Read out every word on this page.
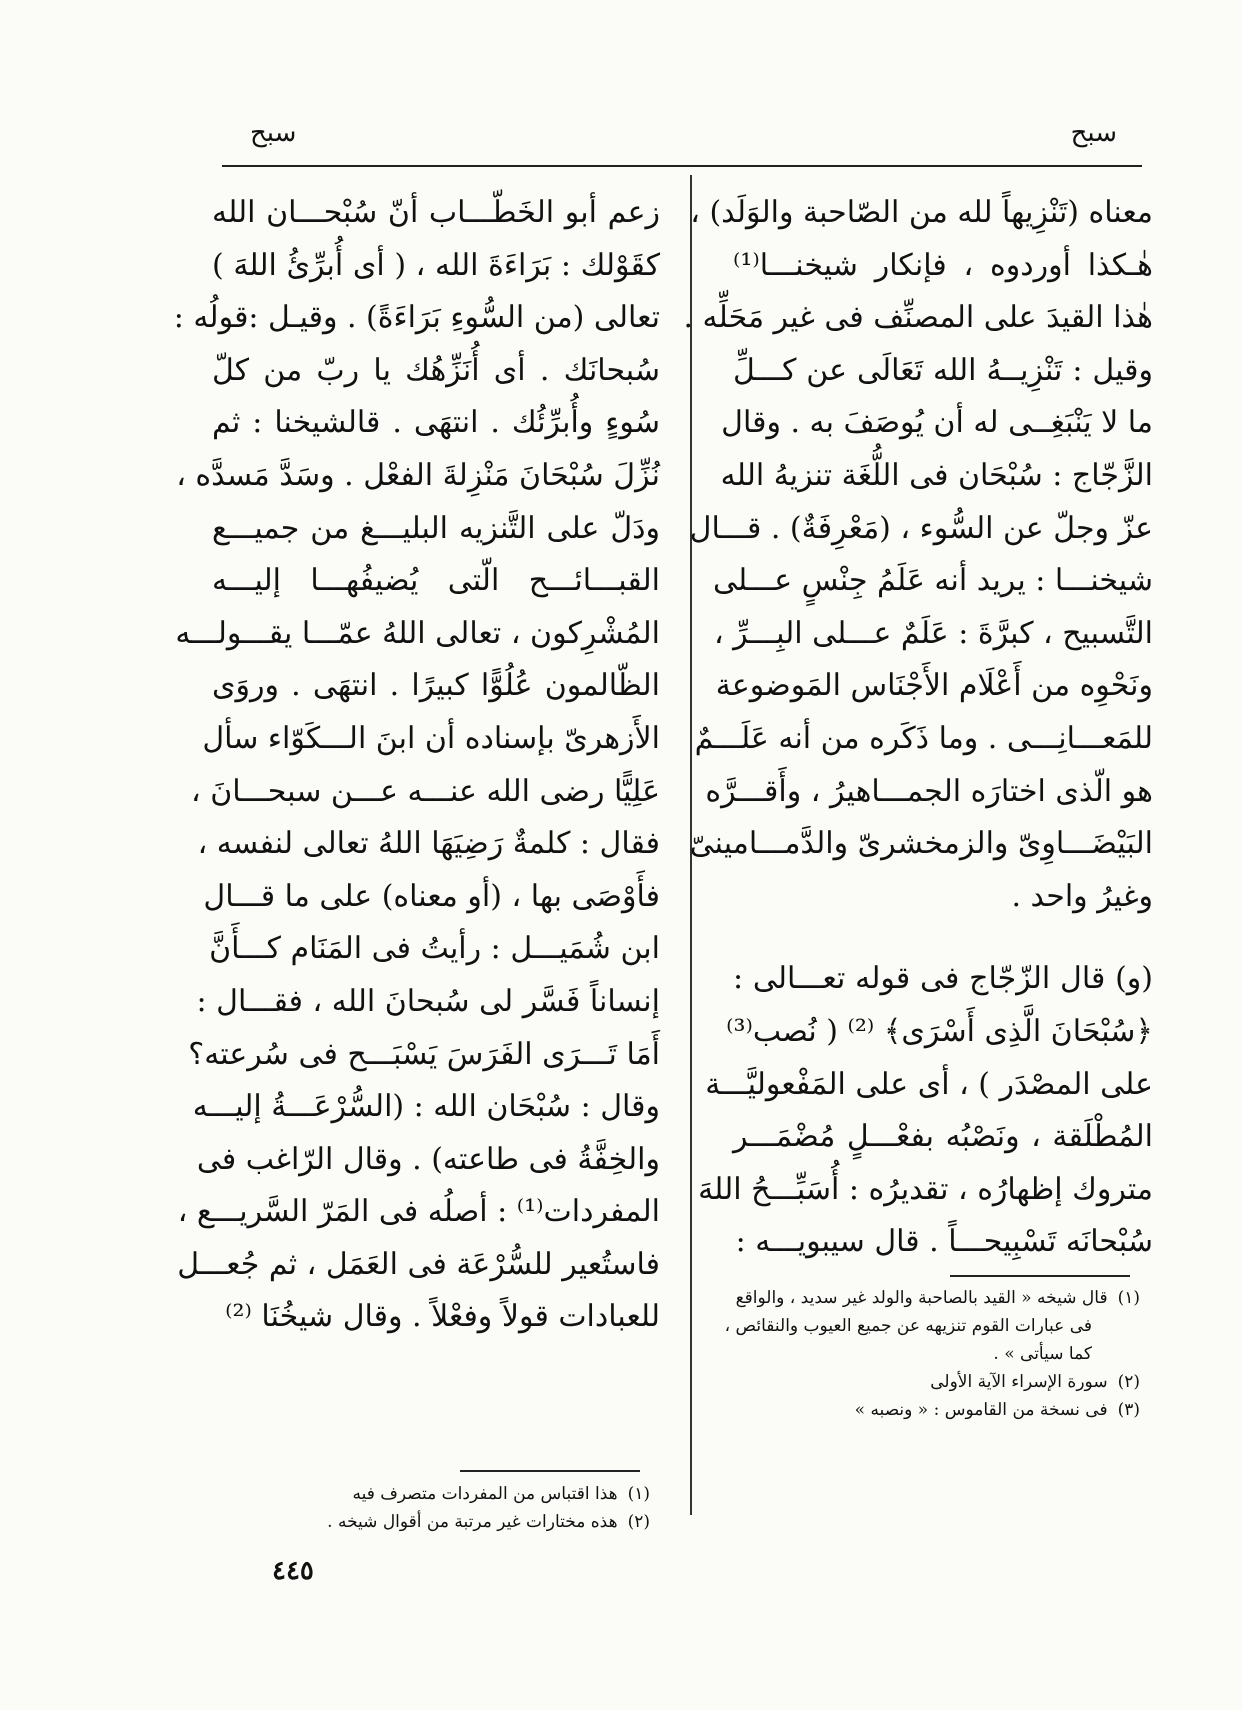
سبح
سبح
معناه (تَنْزِيهاً لله من الصّاحبة والوَلَد) ،
هٰـكذا أوردوه ، فإنكار شيخنـــا⁽¹⁾
هٰذا القيدَ على المصنِّف فى غير مَحَلِّه .
وقيل : تَنْزِيــهُ الله تَعَالَى عن كـــلِّ
ما لا يَنْبَغِــى له أن يُوصَفَ به . وقال
الزَّجّاج : سُبْحَان فى اللُّغَة تنزيهُ الله
عزّ وجلّ عن السُّوء ، (مَعْرِفَةٌ) . قـــال
شيخنـــا : يريد أنه عَلَمُ جِنْسٍ عـــلى
التَّسبيح ، كبرَّةَ : عَلَمٌ عـــلى البِـــرِّ ،
ونَحْوِه من أَعْلَام الأَجْنَاس المَوضوعة
للمَعـــانِـــى . وما ذَكَره من أنه عَلَـــمٌ
هو الّذى اختارَه الجمـــاهيرُ ، وأَقـــرَّه
البَيْضَـــاوِىّ والزمخشرىّ والدَّمـــامينىّ
وغيرُ واحد .
(و) قال الزّجّاج فى قوله تعـــالى :
﴿سُبْحَانَ الَّذِى أَسْرَى﴾ ⁽²⁾ ( نُصب⁽³⁾
على المصْدَر ) ، أى على المَفْعوليَّـــة
المُطْلَقة ، ونَصْبُه بفعْـــلٍ مُضْمَـــر
متروك إظهارُه ، تقديرُه : أُسَبِّـــحُ اللهَ
سُبْحانَه تَسْبِيحـــاً . قال سيبويـــه :
زعم أبو الخَطّـــاب أنّ سُبْحـــان الله
كقَوْلك : بَرَاءَةَ الله ، ( أى أُبرِّئُ اللهَ )
تعالى (من السُّوءِ بَرَاءَةً) . وقيـل :قولُه :
سُبحانَك . أى أُنَزِّهُك يا ربّ من كلّ
سُوءٍ وأُبرِّئُك . انتهَى . قالشيخنا : ثم
نُزِّلَ سُبْحَانَ مَنْزِلةَ الفعْل . وسَدَّ مَسدَّه ،
ودَلّ على التَّنزيه البليـــغ من جميـــع
القبـــائـــح الّتى يُضيفُهـــا إليـــه
المُشْرِكون ، تعالى اللهُ عمّـــا يقـــولـــه
الظّالمون عُلُوًّا كبيرًا . انتهَى . وروَى
الأَزهرىّ بإسناده أن ابنَ الـــكَوّاء سأل
عَلِيًّا رضى الله عنـــه عـــن سبحـــانَ ،
فقال : كلمةٌ رَضِيَهَا اللهُ تعالى لنفسه ،
فأَوْصَى بها ، (أو معناه) على ما قـــال
ابن شُمَيـــل : رأيتُ فى المَنَام كـــأَنَّ
إنساناً فَسَّر لى سُبحانَ الله ، فقـــال :
أَمَا تَـــرَى الفَرَسَ يَسْبَـــح فى سُرعته؟
وقال : سُبْحَان الله : (السُّرْعَـــةُ إليـــه
والخِفَّةُ فى طاعته) . وقال الرّاغب فى
المفردات⁽¹⁾ : أصلُه فى المَرّ السَّريـــع ،
فاستُعير للسُّرْعَة فى العَمَل ، ثم جُعـــل
للعبادات قولاً وفعْلاً . وقال شيخُنَا ⁽²⁾
(١)قال شيخه « القيد بالصاحبة والولد غير سديد ، والواقع
فى عبارات القوم تنزيهه عن جميع العيوب والنقائص ،
كما سيأتى » .
(٢)سورة الإسراء الآية الأولى
(٣)فى نسخة من القاموس : « ونصبه »
(١)هذا اقتباس من المفردات متصرف فيه
(٢)هذه مختارات غير مرتبة من أقوال شيخه .
٤٤٥
